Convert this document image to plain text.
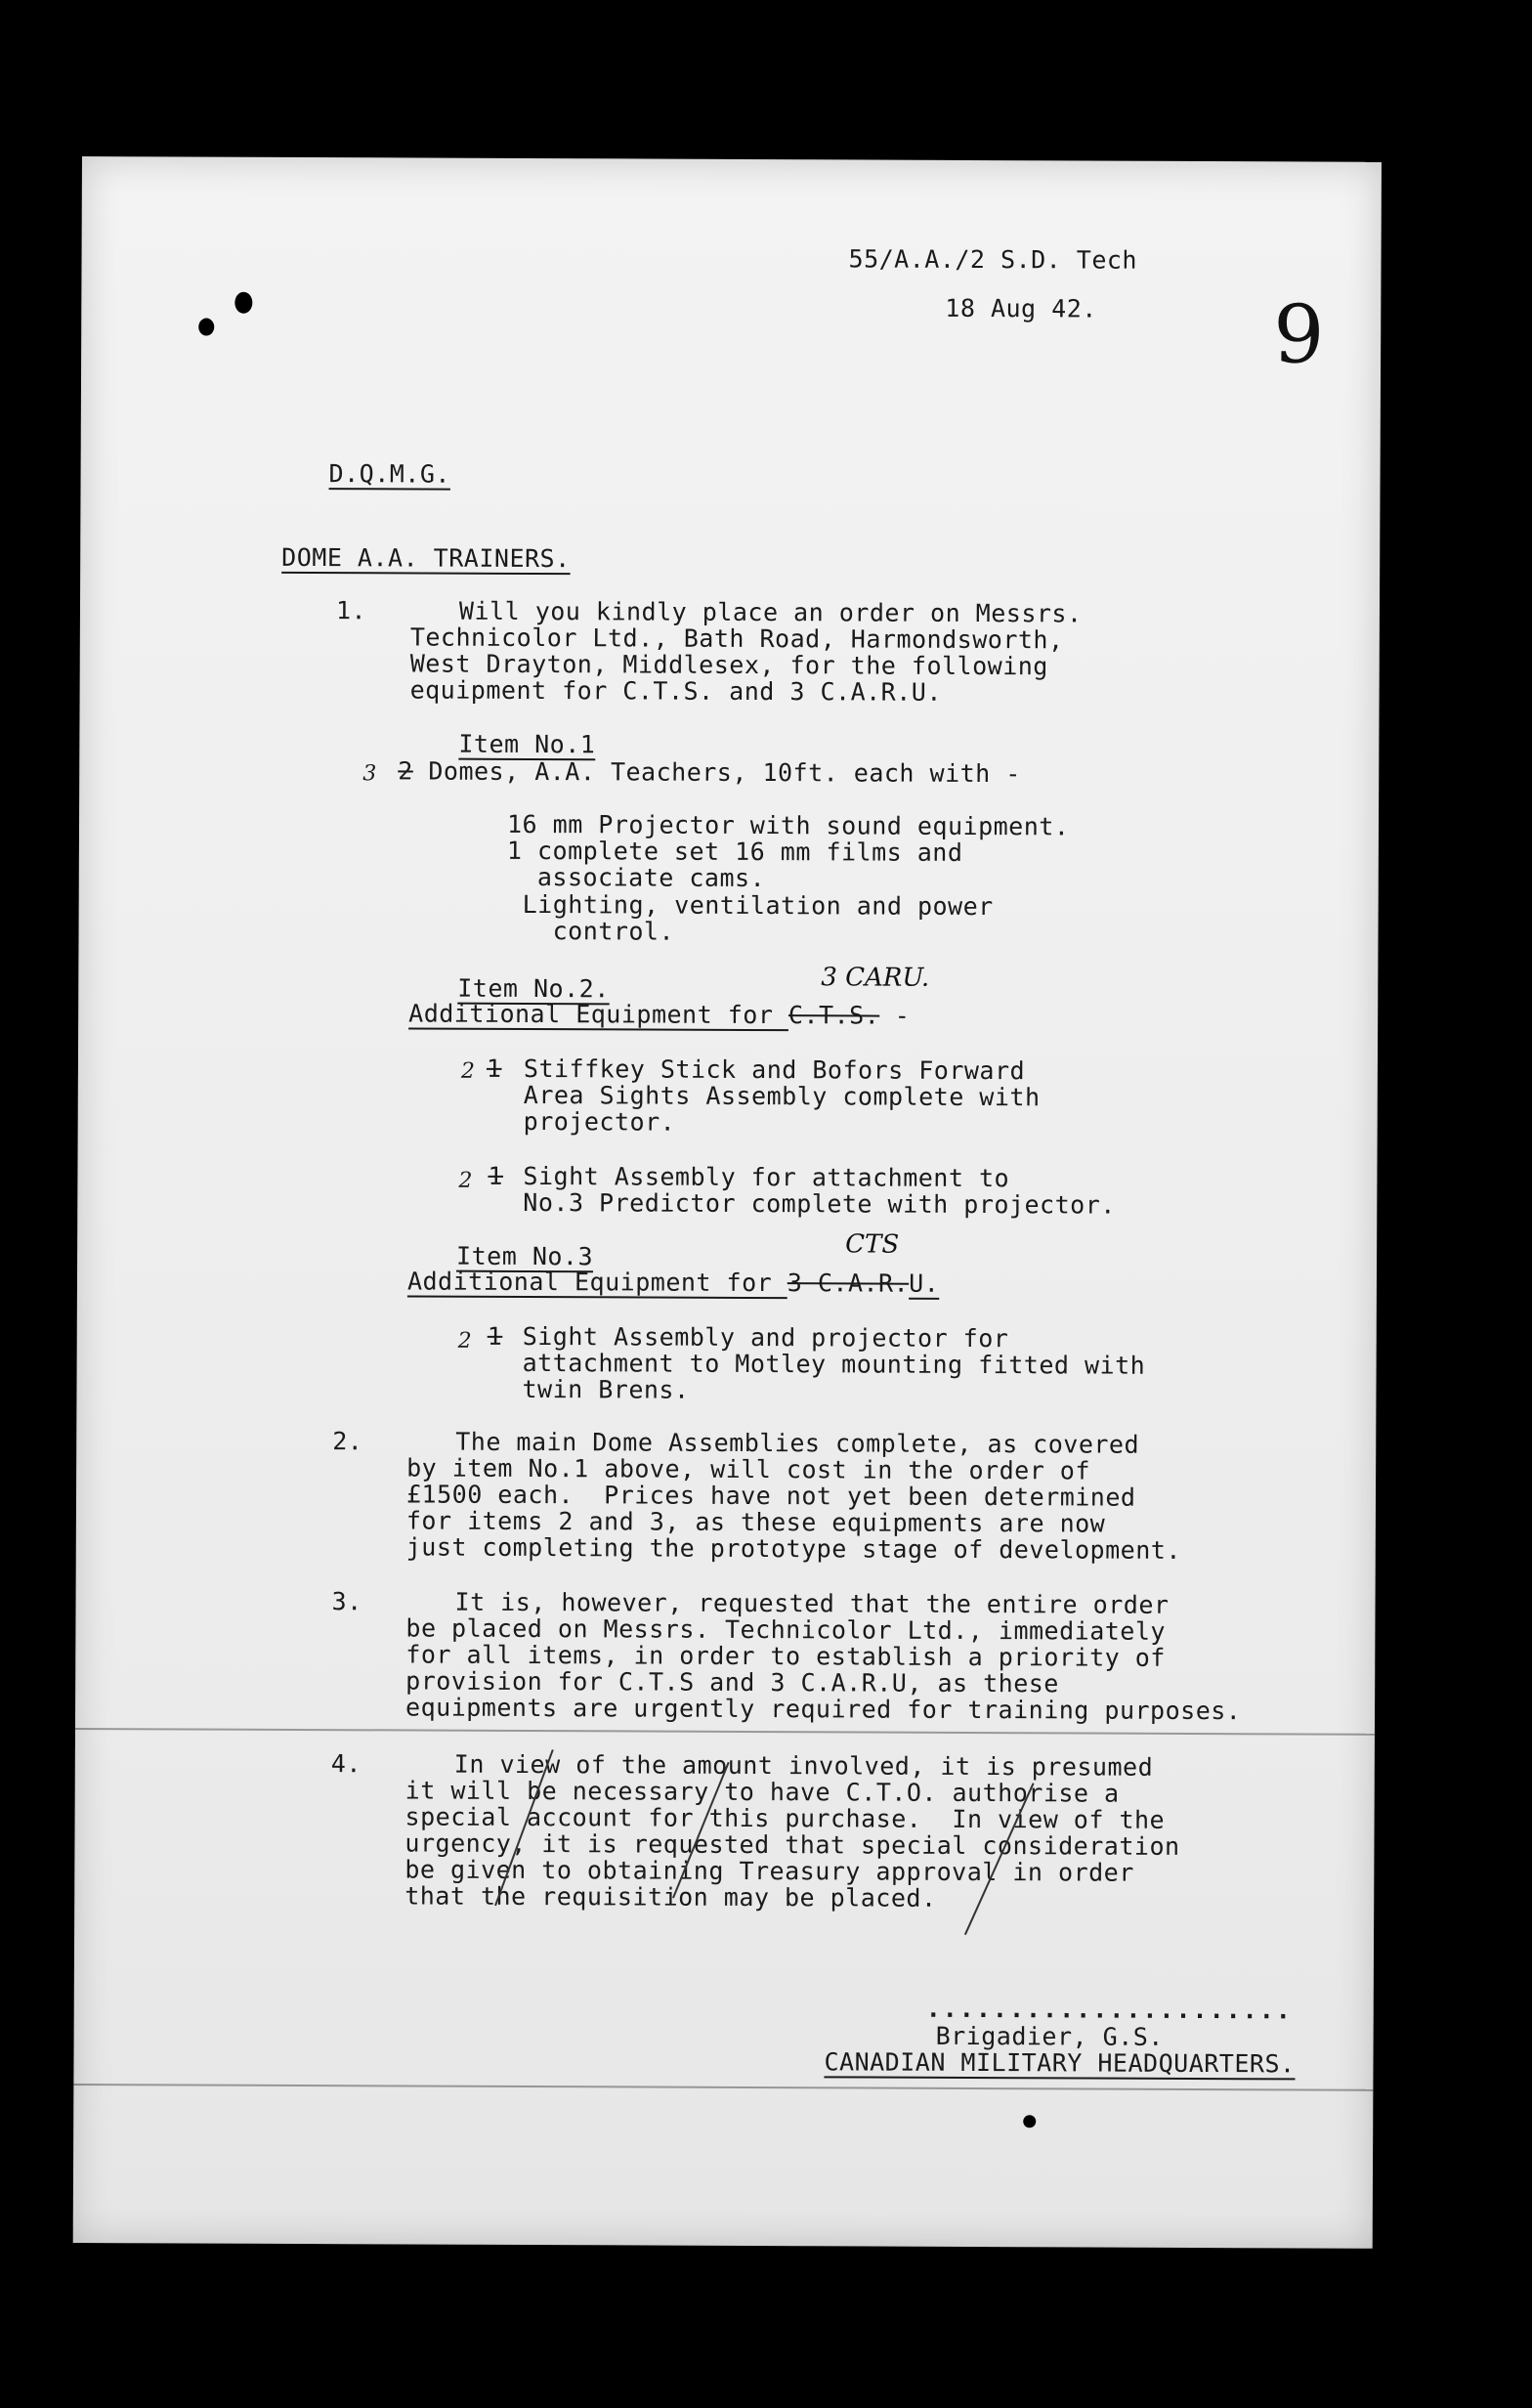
55/A.A./2 S.D. Tech
18 Aug 42. 9
D.Q.M.G.
DOME A.A. TRAINERS.
1.	Will you kindly place an order on Messrs.
Technicolor Ltd., Bath Road, Harmondsworth,
West Drayton, Middlesex, for the following
equipment for C.T.S. and 3 C.A.R.U.
Item No.1
3 2 Domes, A.A. Teachers, 10ft. each with -
16 mm Projector with sound equipment.
1 complete set 16 mm films and
associate cams.
Lighting, ventilation and power
control.
3 CARU.
Item No.2.
Additional Equipment for C.T.S. -
2 1 Stiffkey Stick and Bofors Forward
Area Sights Assembly complete with
projector.
2 1 Sight Assembly for attachment to
No.3 Predictor complete with projector.
CTS
Item No.3
Additional Equipment for 3 C.A.R.U.
2 1 Sight Assembly and projector for
attachment to Motley mounting fitted with
twin Brens.
2.	The main Dome Assemblies complete, as covered
by item No.1 above, will cost in the order of
£1500 each.  Prices have not yet been determined
for items 2 and 3, as these equipments are now
just completing the prototype stage of development.
3.	It is, however, requested that the entire order
be placed on Messrs. Technicolor Ltd., immediately
for all items, in order to establish a priority of
provision for C.T.S and 3 C.A.R.U, as these
equipments are urgently required for training purposes.
4.	In view of the amount involved, it is presumed
it will be necessary to have C.T.O. authorise a
special account for this purchase.  In view of the
urgency, it is requested that special consideration
be given to obtaining Treasury approval in order
that the requisition may be placed.
......................
Brigadier, G.S.
CANADIAN MILITARY HEADQUARTERS.
